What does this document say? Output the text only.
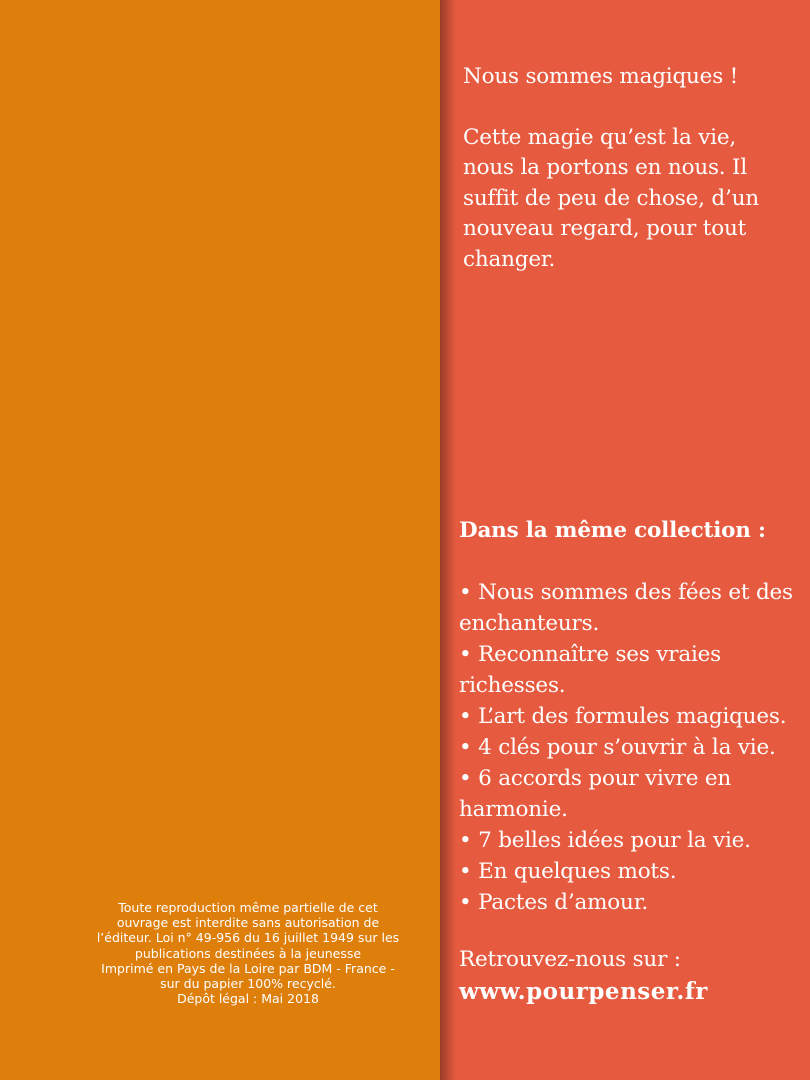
Nous sommes magiques !

Cette magie qu’est la vie, nous la portons en nous. Il suffit de peu de chose, d’un nouveau regard, pour tout changer.

Dans la même collection :

• Nous sommes des fées et des enchanteurs.
• Reconnaître ses vraies richesses.
• L’art des formules magiques.
• 4 clés pour s’ouvrir à la vie.
• 6 accords pour vivre en harmonie.
• 7 belles idées pour la vie.
• En quelques mots.
• Pactes d’amour.
Retrouvez-nous sur :
www.pourpenser.fr
Toute reproduction même partielle de cet
ouvrage est interdite sans autorisation de
l’éditeur. Loi n° 49-956 du 16 juillet 1949 sur les
publications destinées à la jeunesse
Imprimé en Pays de la Loire par BDM - France -
sur du papier 100% recyclé.
Dépôt légal : Mai 2018
